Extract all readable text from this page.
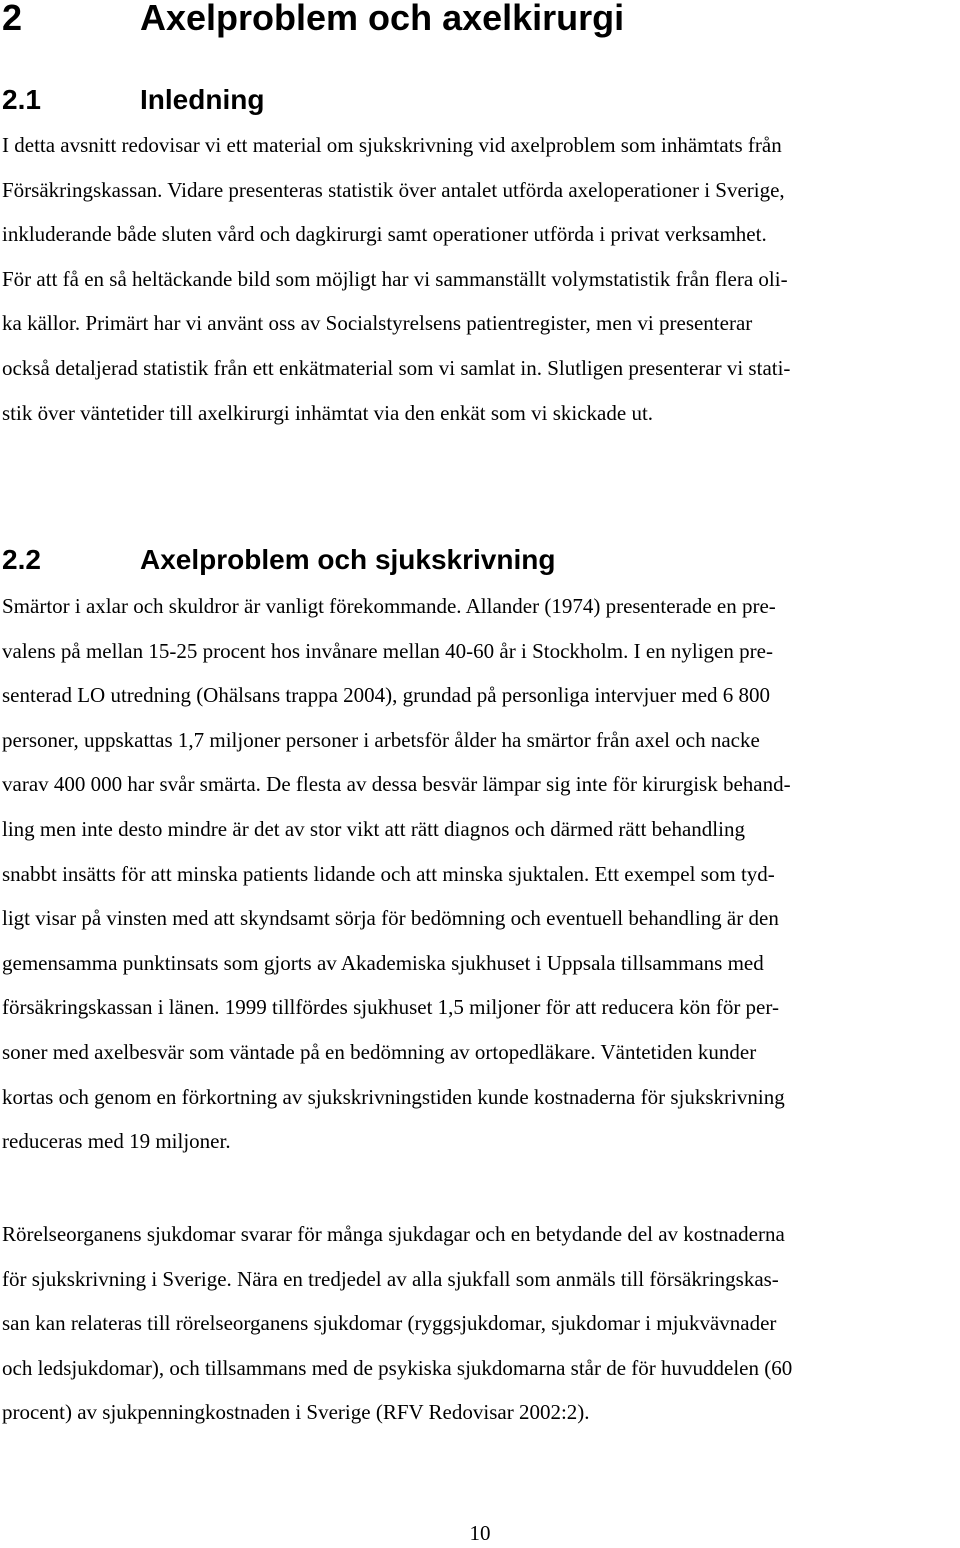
2	Axelproblem och axelkirurgi
2.1	Inledning

I detta avsnitt redovisar vi ett material om sjukskrivning vid axelproblem som inhämtats från
Försäkringskassan. Vidare presenteras statistik över antalet utförda axeloperationer i Sverige,
inkluderande både sluten vård och dagkirurgi samt operationer utförda i privat verksamhet.
För att få en så heltäckande bild som möjligt har vi sammanställt volymstatistik från flera oli-
ka källor. Primärt har vi använt oss av Socialstyrelsens patientregister, men vi presenterar
också detaljerad statistik från ett enkätmaterial som vi samlat in. Slutligen presenterar vi stati-
stik över väntetider till axelkirurgi inhämtat via den enkät som vi skickade ut.

2.2	Axelproblem och sjukskrivning

Smärtor i axlar och skuldror är vanligt förekommande. Allander (1974) presenterade en pre-
valens på mellan 15-25 procent hos invånare mellan 40-60 år i Stockholm. I en nyligen pre-
senterad LO utredning (Ohälsans trappa 2004), grundad på personliga intervjuer med 6 800
personer, uppskattas 1,7 miljoner personer i arbetsför ålder ha smärtor från axel och nacke
varav 400 000 har svår smärta. De flesta av dessa besvär lämpar sig inte för kirurgisk behand-
ling men inte desto mindre är det av stor vikt att rätt diagnos och därmed rätt behandling
snabbt insätts för att minska patients lidande och att minska sjuktalen. Ett exempel som tyd-
ligt visar på vinsten med att skyndsamt sörja för bedömning och eventuell behandling är den
gemensamma punktinsats som gjorts av Akademiska sjukhuset i Uppsala tillsammans med
försäkringskassan i länen. 1999 tillfördes sjukhuset 1,5 miljoner för att reducera kön för per-
soner med axelbesvär som väntade på en bedömning av ortopedläkare. Väntetiden kunder
kortas och genom en förkortning av sjukskrivningstiden kunde kostnaderna för sjukskrivning
reduceras med 19 miljoner.

Rörelseorganens sjukdomar svarar för många sjukdagar och en betydande del av kostnaderna
för sjukskrivning i Sverige. Nära en tredjedel av alla sjukfall som anmäls till försäkringskas-
san kan relateras till rörelseorganens sjukdomar (ryggsjukdomar, sjukdomar i mjukvävnader
och ledsjukdomar), och tillsammans med de psykiska sjukdomarna står de för huvuddelen (60
procent) av sjukpenningkostnaden i Sverige (RFV Redovisar 2002:2).

10
